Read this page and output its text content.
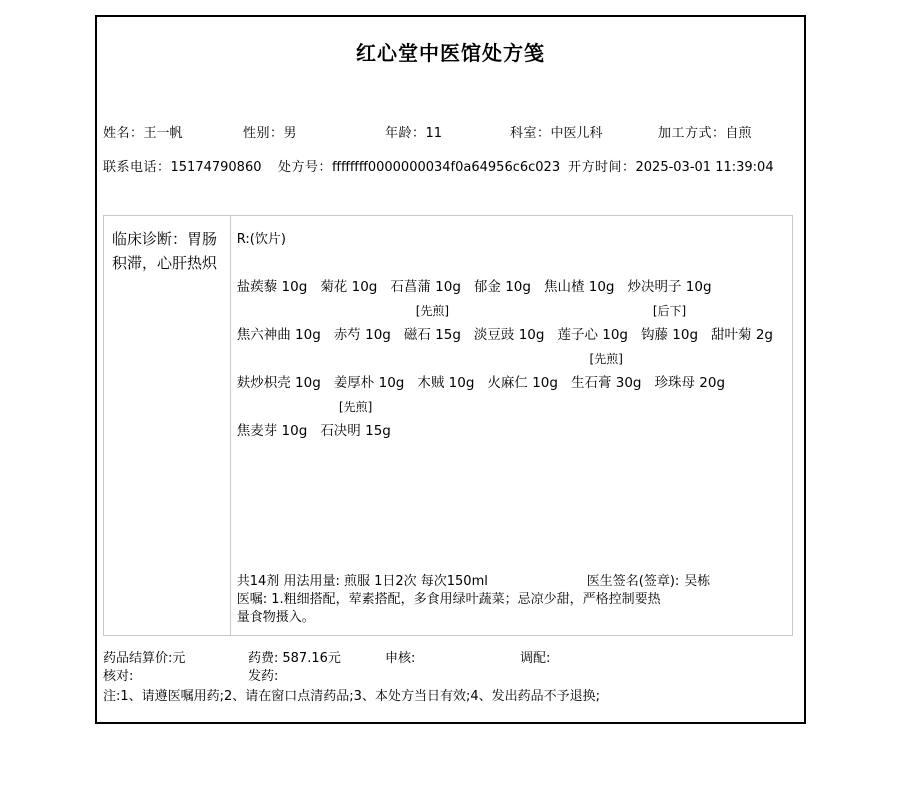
红心堂中医馆处方笺
姓名：王一帆	性别：男	年龄：11	科室：中医儿科	加工方式：自煎
联系电话：15174790860	处方号：ffffffff0000000034f0a64956c6c023 开方时间：2025-03-01 11:39:04
临床诊断：胃肠积滞，心肝热炽
R:(饮片)

盐蒺藜 10g
菊花 10g
石菖蒲 10g
郁金 10g
焦山楂 10g
炒决明子 10g

焦六神曲 10g
赤芍 10g
[先煎]
磁石 15g
淡豆豉 10g
莲子心 10g
[后下]
钩藤 10g
甜叶菊 2g

麸炒枳壳 10g
姜厚朴 10g
木贼 10g
火麻仁 10g
[先煎]
生石膏 30g
珍珠母 20g

焦麦芽 10g
[先煎]
石决明 15g
共14剂 用法用量: 煎服 1日2次 每次150ml	医生签名(签章): 吴栋
医嘱: 1.粗细搭配，荤素搭配，多食用绿叶蔬菜；忌凉少甜，严格控制要热量食物摄入。
药品结算价:元	药费: 587.16元	申核:	调配:
核对:	发药:
注:1、请遵医嘱用药;2、请在窗口点清药品;3、本处方当日有效;4、发出药品不予退换;
